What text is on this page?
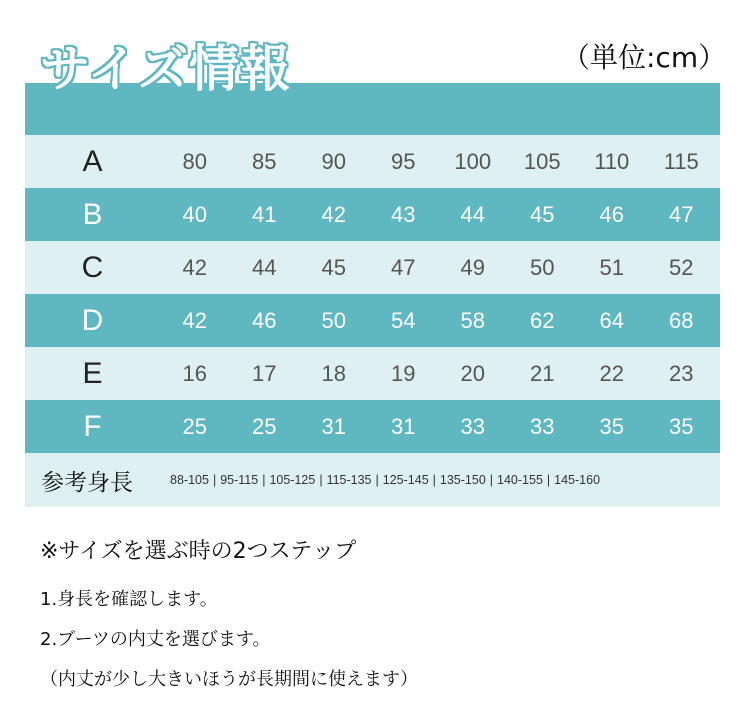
サイズ情報	（単位:cm）
A	80	85	90	95	100	105	110	115
B	40	41	42	43	44	45	46	47
C	42	44	45	47	49	50	51	52
D	42	46	50	54	58	62	64	68
E	16	17	18	19	20	21	22	23
F	25	25	31	31	33	33	35	35
参考身長	88-105 | 95-115 | 105-125 | 115-135 | 125-145 | 135-150 | 140-155 | 145-160
※サイズを選ぶ時の2つステップ
1.身長を確認します。
2.ブーツの内丈を選びます。
（内丈が少し大きいほうが長期間に使えます）
